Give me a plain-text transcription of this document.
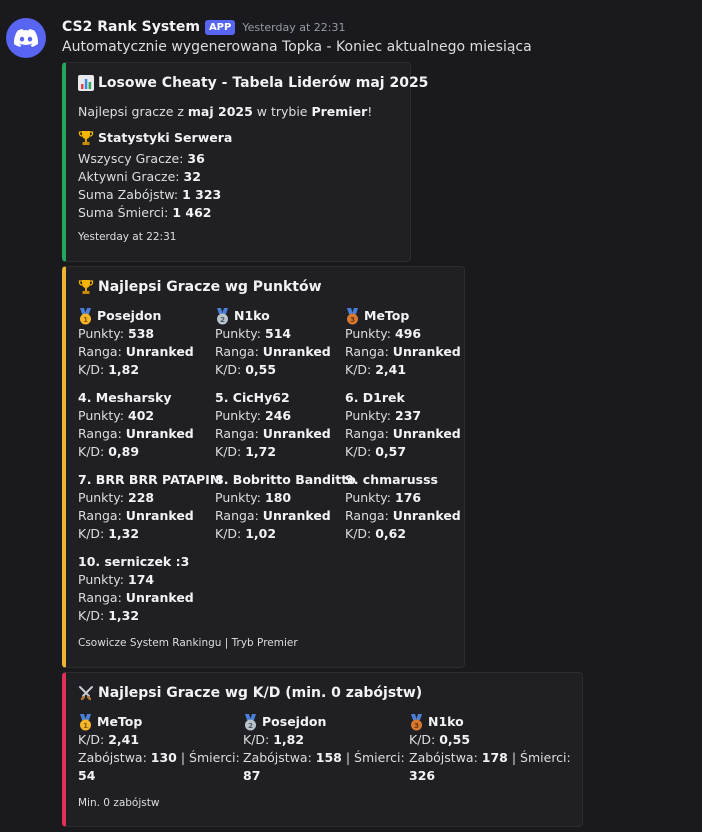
CS2 Rank System APP	Yesterday at 22:31
Automatycznie wygenerowana Topka - Koniec aktualnego miesiąca
Losowe Cheaty - Tabela Liderów maj 2025
Najlepsi gracze z maj 2025 w trybie Premier!
Statystyki Serwera
Wszyscy Gracze: 36
Aktywni Gracze: 32
Suma Zabójstw: 1 323
Suma Śmierci: 1 462
Yesterday at 22:31
Najlepsi Gracze wg Punktów
1 Posejdon
Punkty: 538
Ranga: Unranked
K/D: 1,82
2 N1ko
Punkty: 514
Ranga: Unranked
K/D: 0,55
3 MeTop
Punkty: 496
Ranga: Unranked
K/D: 2,41
4. Mesharsky
Punkty: 402
Ranga: Unranked
K/D: 0,89
5. CicHy62
Punkty: 246
Ranga: Unranked
K/D: 1,72
6. D1rek
Punkty: 237
Ranga: Unranked
K/D: 0,57
7. BRR BRR PATAPIM
Punkty: 228
Ranga: Unranked
K/D: 1,32
8. Bobritto Banditto
Punkty: 180
Ranga: Unranked
K/D: 1,02
9. chmarusss
Punkty: 176
Ranga: Unranked
K/D: 0,62
10. serniczek :3
Punkty: 174
Ranga: Unranked
K/D: 1,32
Csowicze System Rankingu | Tryb Premier
Najlepsi Gracze wg K/D (min. 0 zabójstw)
1 MeTop
K/D: 2,41
Zabójstwa: 130 | Śmierci:
54
2 Posejdon
K/D: 1,82
Zabójstwa: 158 | Śmierci:
87
3 N1ko
K/D: 0,55
Zabójstwa: 178 | Śmierci:
326
Min. 0 zabójstw
